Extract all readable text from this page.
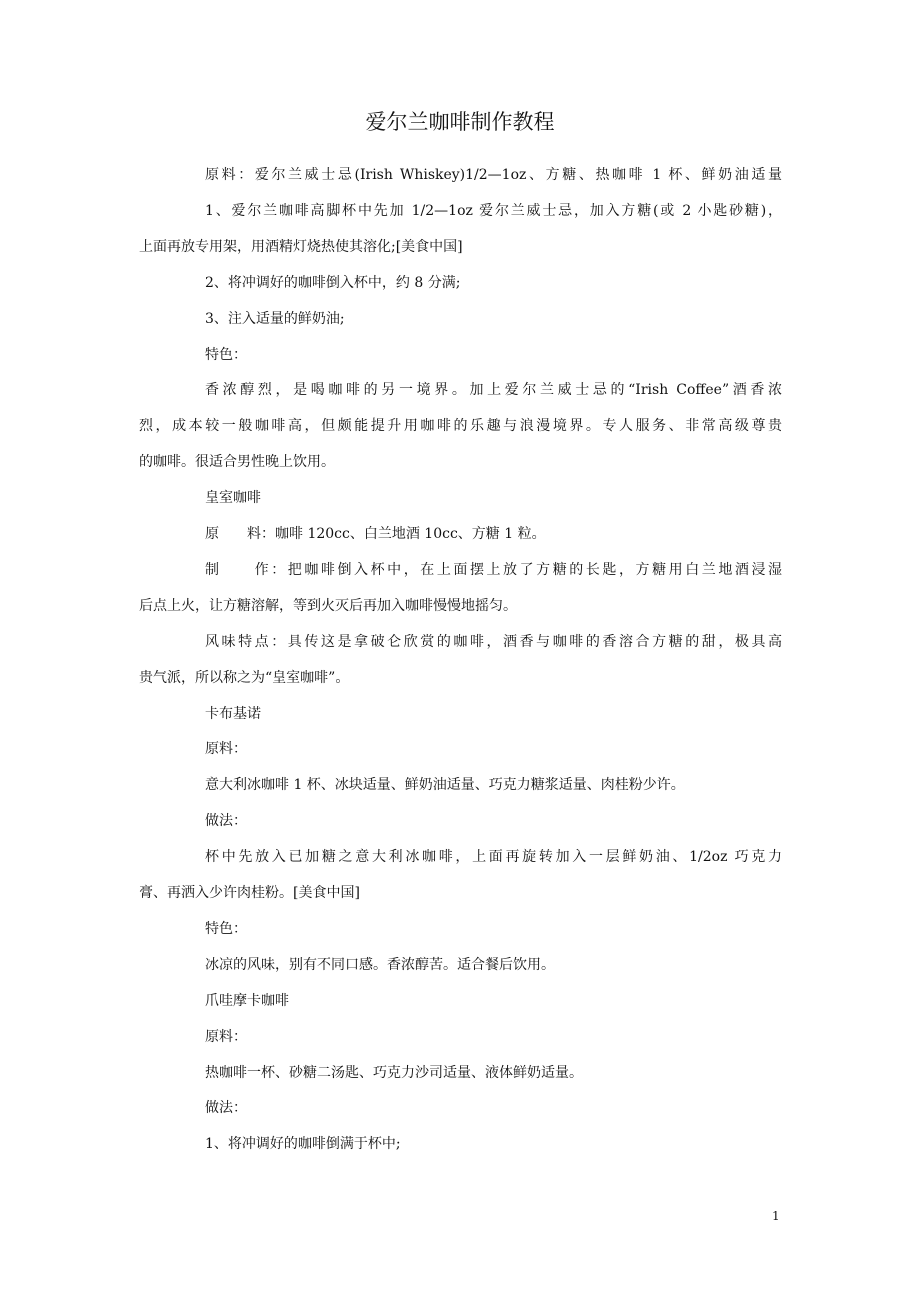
爱尔兰咖啡制作教程
原料：爱尔兰威士忌(Irish Whiskey)1/2—1oz、方糖、热咖啡 1 杯、鲜奶油适量
1、爱尔兰咖啡高脚杯中先加 1/2—1oz 爱尔兰威士忌，加入方糖(或 2 小匙砂糖)，
上面再放专用架，用酒精灯烧热使其溶化;[美食中国]
2、将冲调好的咖啡倒入杯中，约 8 分满;
3、注入适量的鲜奶油;
特色：
香浓醇烈，是喝咖啡的另一境界。加上爱尔兰威士忌的“Irish Coffee”酒香浓
烈，成本较一般咖啡高，但颇能提升用咖啡的乐趣与浪漫境界。专人服务、非常高级尊贵
的咖啡。很适合男性晚上饮用。
皇室咖啡
原　　料：咖啡 120cc、白兰地酒 10cc、方糖 1 粒。
制　　作：把咖啡倒入杯中，在上面摆上放了方糖的长匙，方糖用白兰地酒浸湿
后点上火，让方糖溶解，等到火灭后再加入咖啡慢慢地摇匀。
风味特点：具传这是拿破仑欣赏的咖啡，酒香与咖啡的香溶合方糖的甜，极具高
贵气派，所以称之为“皇室咖啡”。
卡布基诺
原料：
意大利冰咖啡 1 杯、冰块适量、鲜奶油适量、巧克力糖浆适量、肉桂粉少许。
做法：
杯中先放入已加糖之意大利冰咖啡，上面再旋转加入一层鲜奶油、1/2oz 巧克力
膏、再洒入少许肉桂粉。[美食中国]
特色：
冰凉的风味，别有不同口感。香浓醇苦。适合餐后饮用。
爪哇摩卡咖啡
原料：
热咖啡一杯、砂糖二汤匙、巧克力沙司适量、液体鲜奶适量。
做法：
1、将冲调好的咖啡倒满于杯中;
1
